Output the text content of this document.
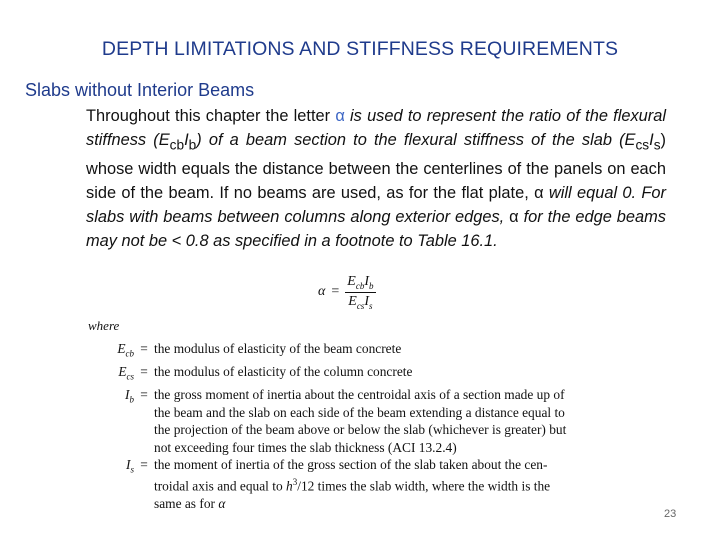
DEPTH LIMITATIONS AND STIFFNESS REQUIREMENTS
Slabs without Interior Beams
Throughout this chapter the letter α is used to represent the ratio of the flexural stiffness $(E_{cb}I_b)$ of a beam section to the flexural stiffness of the slab $(E_{cs}I_s)$ whose width equals the distance between the centerlines of the panels on each side of the beam. If no beams are used, as for the flat plate, α will equal 0. For slabs with beams between columns along exterior edges, α for the edge beams may not be < 0.8 as specified in a footnote to Table 16.1.
$\alpha = \frac{E_{cb}I_b}{E_{cs}I_s}$
where
$E_{cb}$ = the modulus of elasticity of the beam concrete
$E_{cs}$ = the modulus of elasticity of the column concrete
$I_b$ = the gross moment of inertia about the centroidal axis of a section made up of
the beam and the slab on each side of the beam extending a distance equal to
the projection of the beam above or below the slab (whichever is greater) but
not exceeding four times the slab thickness (ACI 13.2.4)
$I_s$ = the moment of inertia of the gross section of the slab taken about the cen-
troidal axis and equal to $h^3/12$ times the slab width, where the width is the
same as for α
23
